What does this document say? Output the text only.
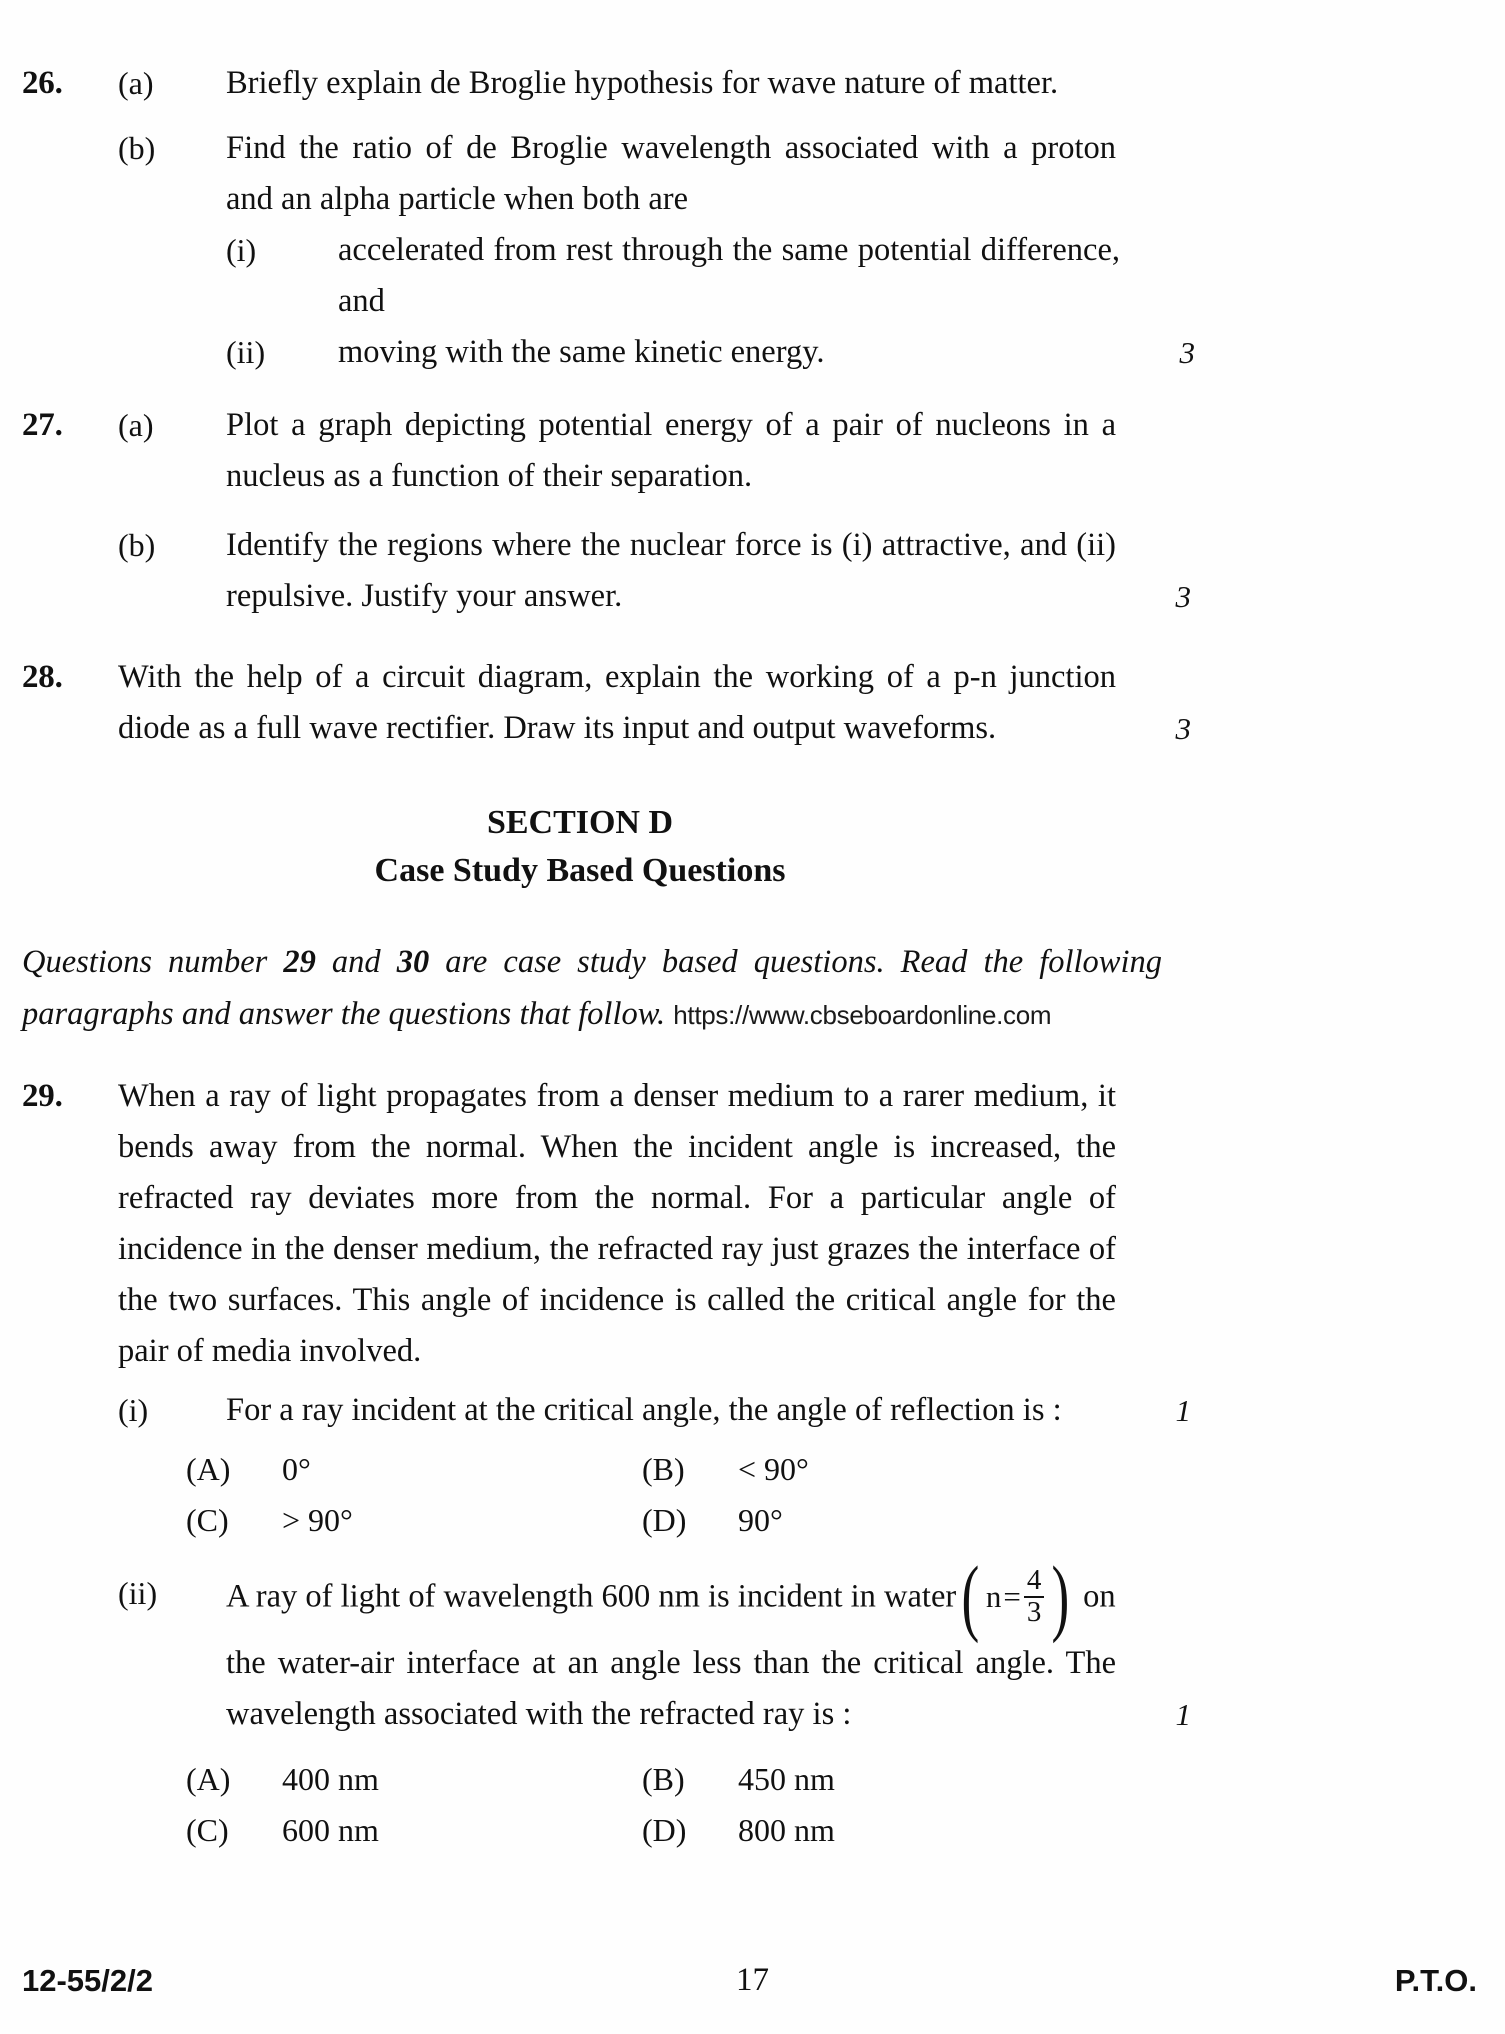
26.	(a)	Briefly explain de Broglie hypothesis for wave nature of matter.
(b)	Find the ratio of de Broglie wavelength associated with a proton and an alpha particle when both are
(i)	accelerated from rest through the same potential difference, and
(ii)	moving with the same kinetic energy.	3
27.	(a)	Plot a graph depicting potential energy of a pair of nucleons in a nucleus as a function of their separation.
(b)	Identify the regions where the nuclear force is (i) attractive, and (ii) repulsive. Justify your answer.	3
28.	With the help of a circuit diagram, explain the working of a p-n junction diode as a full wave rectifier. Draw its input and output waveforms.	3
SECTION D
Case Study Based Questions
Questions number 29 and 30 are case study based questions. Read the following paragraphs and answer the questions that follow. https://www.cbseboardonline.com
29.	When a ray of light propagates from a denser medium to a rarer medium, it bends away from the normal. When the incident angle is increased, the refracted ray deviates more from the normal. For a particular angle of incidence in the denser medium, the refracted ray just grazes the interface of the two surfaces. This angle of incidence is called the critical angle for the pair of media involved.
(i)	For a ray incident at the critical angle, the angle of reflection is :	1
(A)	0°	(B)	< 90°
(C)	> 90°	(D)	90°
(ii)	A ray of light of wavelength 600 nm is incident in water ( $n = \frac{4}{3}$ ) on
the water-air interface at an angle less than the critical angle. The wavelength associated with the refracted ray is :	1
(A)	400 nm	(B)	450 nm
(C)	600 nm	(D)	800 nm
12-55/2/2	17	P.T.O.
